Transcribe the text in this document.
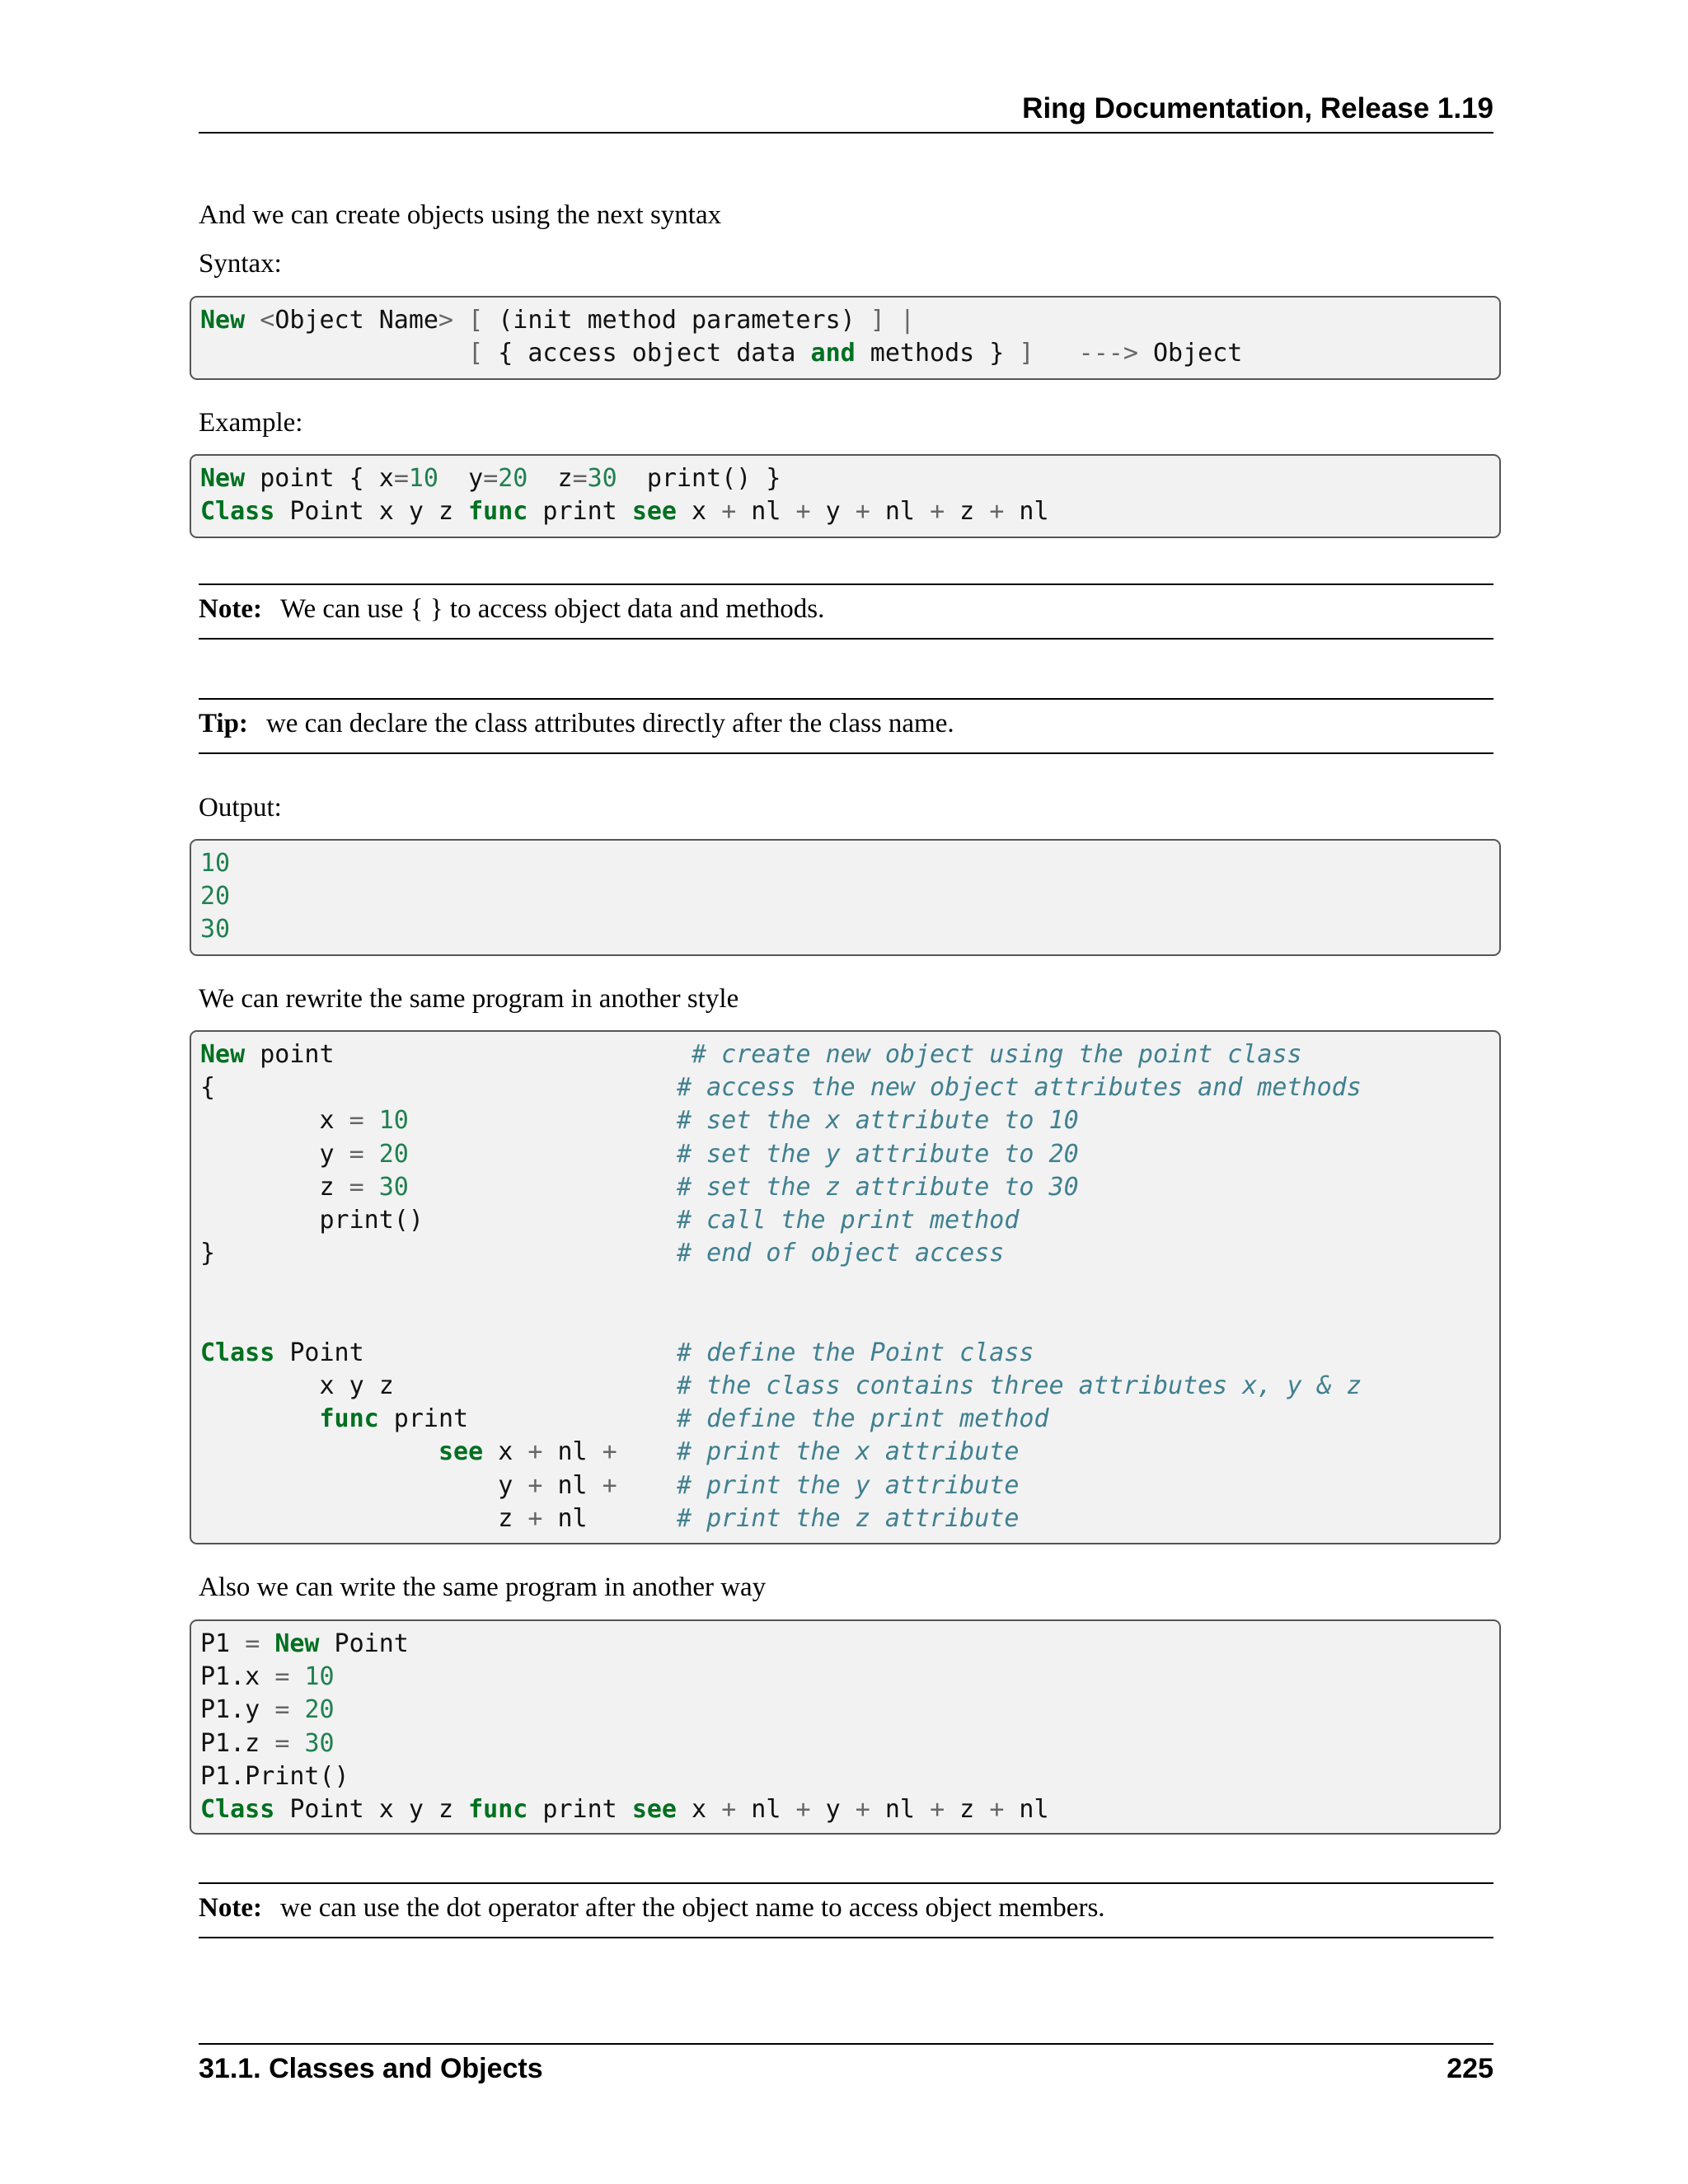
Ring Documentation, Release 1.19
And we can create objects using the next syntax
Syntax:
New <Object Name> [ (init method parameters) ] |
[ { access object data and methods } ] ---> Object
Example:
New point { x=10  y=20  z=30  print() }
Class Point x y z func print see x + nl + y + nl + z + nl
Note: We can use { } to access object data and methods.
Tip: we can declare the class attributes directly after the class name.
Output:
10
20
30
We can rewrite the same program in another style
New point                        # create new object using the point class
{                               # access the new object attributes and methods
x = 10	# set the x attribute to 10
y = 20	# set the y attribute to 20
z = 30	# set the z attribute to 30
print()                 # call the print method
}                               # end of object access

Class Point                     # define the Point class
x y z                   # the class contains three attributes x, y & z
func print              # define the print method
see x + nl + # print the x attribute
y + nl + # print the y attribute
z + nl      # print the z attribute
Also we can write the same program in another way
P1 = New Point
P1.x = 10
P1.y = 20
P1.z = 30
P1.Print()
Class Point x y z func print see x + nl + y + nl + z + nl
Note: we can use the dot operator after the object name to access object members.
31.1. Classes and Objects	225
